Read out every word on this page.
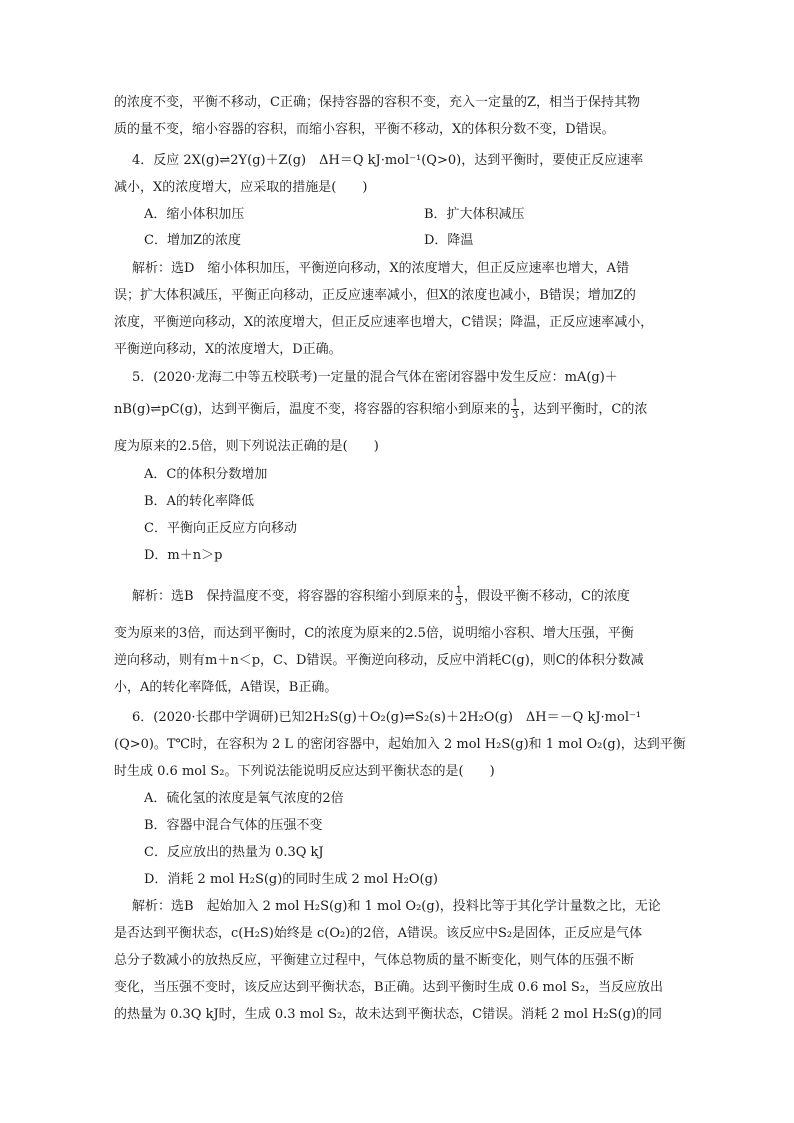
的浓度不变，平衡不移动，C正确；保持容器的容积不变，充入一定量的Z，相当于保持其物
质的量不变，缩小容器的容积，而缩小容积，平衡不移动，X的体积分数不变，D错误。
4．反应 2X(g)⇌2Y(g)＋Z(g)　ΔH＝Q kJ·mol⁻¹(Q>0)，达到平衡时，要使正反应速率
减小，X的浓度增大，应采取的措施是(　　)
A．缩小体积加压	B．扩大体积减压
C．增加Z的浓度	D．降温
解析：选D　缩小体积加压，平衡逆向移动，X的浓度增大，但正反应速率也增大，A错
误；扩大体积减压，平衡正向移动，正反应速率减小，但X的浓度也减小，B错误；增加Z的
浓度，平衡逆向移动，X的浓度增大，但正反应速率也增大，C错误；降温，正反应速率减小，
平衡逆向移动，X的浓度增大，D正确。
5．(2020·龙海二中等五校联考)一定量的混合气体在密闭容器中发生反应：mA(g)＋
nB(g)⇌pC(g)，达到平衡后，温度不变，将容器的容积缩小到原来的 $\frac{1}{3}$ ，达到平衡时，C的浓
度为原来的2.5倍，则下列说法正确的是(　　)
A．C的体积分数增加
B．A的转化率降低
C．平衡向正反应方向移动
D．m＋n＞p
解析：选B　保持温度不变，将容器的容积缩小到原来的 $\frac{1}{3}$ ，假设平衡不移动，C的浓度
变为原来的3倍，而达到平衡时，C的浓度为原来的2.5倍，说明缩小容积、增大压强，平衡
逆向移动，则有m＋n＜p，C、D错误。平衡逆向移动，反应中消耗C(g)，则C的体积分数减
小，A的转化率降低，A错误，B正确。
6．(2020·长郡中学调研)已知2H₂S(g)＋O₂(g)⇌S₂(s)＋2H₂O(g)　ΔH＝－Q kJ·mol⁻¹
(Q>0)。T℃时，在容积为 2 L 的密闭容器中，起始加入 2 mol H₂S(g)和 1 mol O₂(g)，达到平衡
时生成 0.6 mol S₂。下列说法能说明反应达到平衡状态的是(　　)
A．硫化氢的浓度是氧气浓度的2倍
B．容器中混合气体的压强不变
C．反应放出的热量为 0.3Q kJ
D．消耗 2 mol H₂S(g)的同时生成 2 mol H₂O(g)
解析：选B　起始加入 2 mol H₂S(g)和 1 mol O₂(g)，投料比等于其化学计量数之比，无论
是否达到平衡状态，c(H₂S)始终是 c(O₂)的2倍，A错误。该反应中S₂是固体，正反应是气体
总分子数减小的放热反应，平衡建立过程中，气体总物质的量不断变化，则气体的压强不断
变化，当压强不变时，该反应达到平衡状态，B正确。达到平衡时生成 0.6 mol S₂，当反应放出
的热量为 0.3Q kJ时，生成 0.3 mol S₂，故未达到平衡状态，C错误。消耗 2 mol H₂S(g)的同
